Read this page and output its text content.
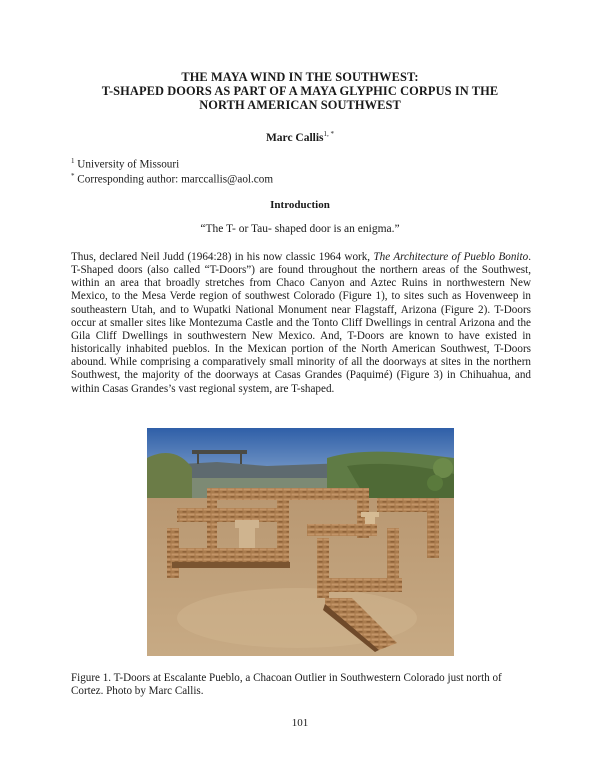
THE MAYA WIND IN THE SOUTHWEST:
T-SHAPED DOORS AS PART OF A MAYA GLYPHIC CORPUS IN THE
NORTH AMERICAN SOUTHWEST
Marc Callis$^{1, *}$
$^1$ University of Missouri
* Corresponding author: marccallis@aol.com
Introduction
“The T- or Tau- shaped door is an enigma.”
Thus, declared Neil Judd (1964:28) in his now classic 1964 work, The Architecture of Pueblo Bonito. T-Shaped doors (also called “T-Doors”) are found throughout the northern areas of the Southwest, within an area that broadly stretches from Chaco Canyon and Aztec Ruins in northwestern New Mexico, to the Mesa Verde region of southwest Colorado (Figure 1), to sites such as Hovenweep in southeastern Utah, and to Wupatki National Monument near Flagstaff, Arizona (Figure 2). T-Doors occur at smaller sites like Montezuma Castle and the Tonto Cliff Dwellings in central Arizona and the Gila Cliff Dwellings in southwestern New Mexico. And, T-Doors are known to have existed in historically inhabited pueblos. In the Mexican portion of the North American Southwest, T-Doors abound. While comprising a comparatively small minority of all the doorways at sites in the northern Southwest, the majority of the doorways at Casas Grandes (Paquimé) (Figure 3) in Chihuahua, and within Casas Grandes’s vast regional system, are T-shaped.
Figure 1. T-Doors at Escalante Pueblo, a Chacoan Outlier in Southwestern Colorado just north of Cortez. Photo by Marc Callis.
101
